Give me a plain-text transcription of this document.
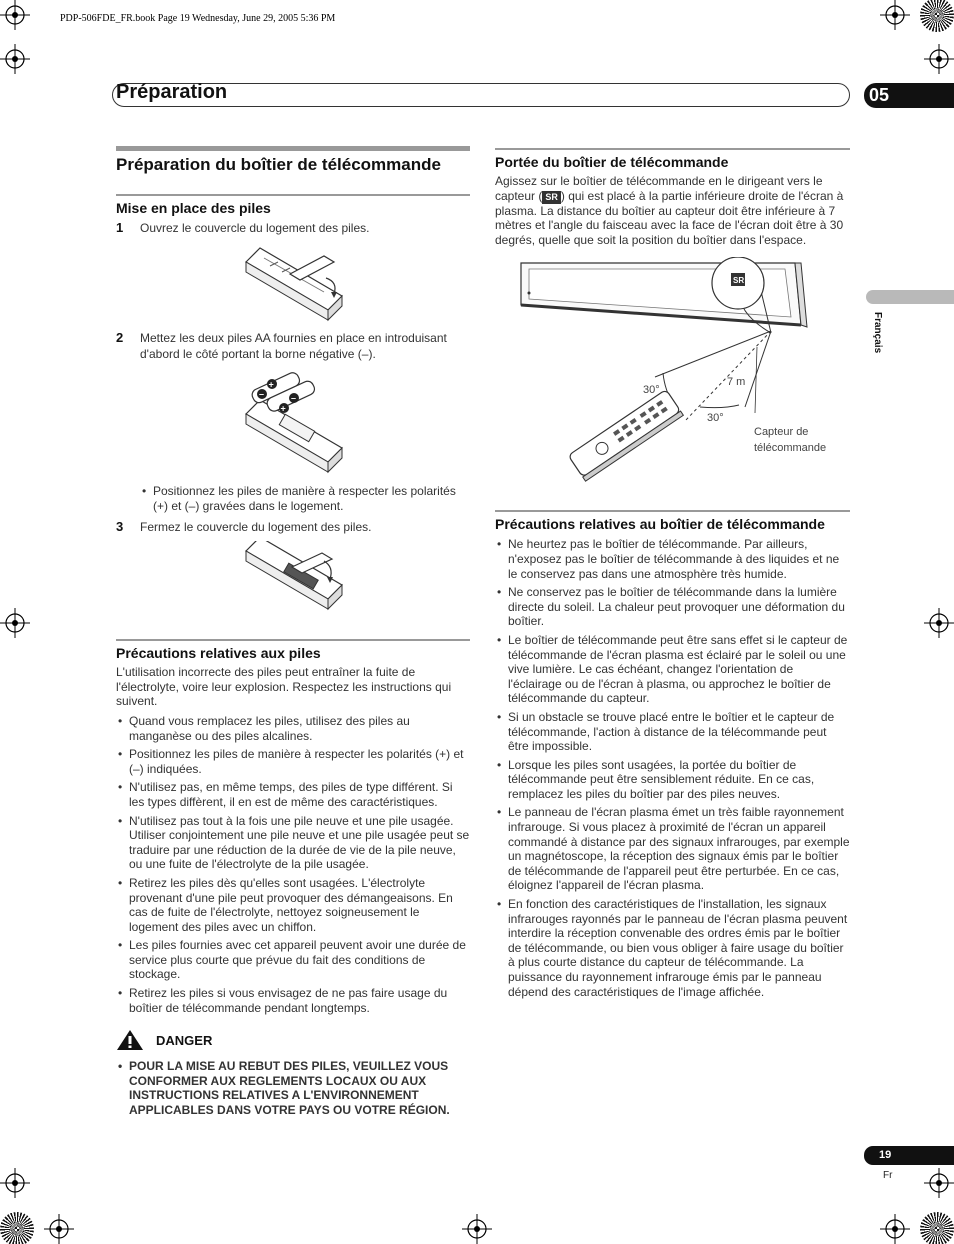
PDP-506FDE_FR.book Page 19 Wednesday, June 29, 2005 5:36 PM
Préparation	05
Français
Préparation du boîtier de télécommande
Mise en place des piles
1	Ouvrez le couvercle du logement des piles.
2	Mettez les deux piles AA fournies en place en introduisant d'abord le côté portant la borne négative (–).
–
+
+
–
• Positionnez les piles de manière à respecter les polarités (+) et (–) gravées dans le logement.
3	Fermez le couvercle du logement des piles.
Précautions relatives aux piles
L'utilisation incorrecte des piles peut entraîner la fuite de l'électrolyte, voire leur explosion. Respectez les instructions qui suivent.
• Quand vous remplacez les piles, utilisez des piles au manganèse ou des piles alcalines.
• Positionnez les piles de manière à respecter les polarités (+) et (–) indiquées.
• N'utilisez pas, en même temps, des piles de type différent. Si les types diffèrent, il en est de même des caractéristiques.
• N'utilisez pas tout à la fois une pile neuve et une pile usagée. Utiliser conjointement une pile neuve et une pile usagée peut se traduire par une réduction de la durée de vie de la pile neuve, ou une fuite de l'électrolyte de la pile usagée.
• Retirez les piles dès qu'elles sont usagées. L'électrolyte provenant d'une pile peut provoquer des démangeaisons. En cas de fuite de l'électrolyte, nettoyez soigneusement le logement des piles avec un chiffon.
• Les piles fournies avec cet appareil peuvent avoir une durée de service plus courte que prévue du fait des conditions de stockage.
• Retirez les piles si vous envisagez de ne pas faire usage du boîtier de télécommande pendant longtemps.
DANGER
• POUR LA MISE AU REBUT DES PILES, VEUILLEZ VOUS CONFORMER AUX REGLEMENTS LOCAUX OU AUX INSTRUCTIONS RELATIVES A L'ENVIRONNEMENT APPLICABLES DANS VOTRE PAYS OU VOTRE RÉGION.
Portée du boîtier de télécommande
Agissez sur le boîtier de télécommande en le dirigeant vers le capteur ( SR ) qui est placé à la partie inférieure droite de l'écran à plasma. La distance du boîtier au capteur doit être inférieure à 7 mètres et l'angle du faisceau avec la face de l'écran doit être à 30 degrés, quelle que soit la position du boîtier dans l'espace.
SR
30°
7 m
30°
Capteur de
télécommande
Précautions relatives au boîtier de télécommande
• Ne heurtez pas le boîtier de télécommande. Par ailleurs, n'exposez pas le boîtier de télécommande à des liquides et ne le conservez pas dans une atmosphère très humide.
• Ne conservez pas le boîtier de télécommande dans la lumière directe du soleil. La chaleur peut provoquer une déformation du boîtier.
• Le boîtier de télécommande peut être sans effet si le capteur de télécommande de l'écran plasma est éclairé par le soleil ou une vive lumière. Le cas échéant, changez l'orientation de l'éclairage ou de l'écran à plasma, ou approchez le boîtier de télécommande du capteur.
• Si un obstacle se trouve placé entre le boîtier et le capteur de télécommande, l'action à distance de la télécommande peut être impossible.
• Lorsque les piles sont usagées, la portée du boîtier de télécommande peut être sensiblement réduite. En ce cas, remplacez les piles du boîtier par des piles neuves.
• Le panneau de l'écran plasma émet un très faible rayonnement infrarouge. Si vous placez à proximité de l'écran un appareil commandé à distance par des signaux infrarouges, par exemple un magnétoscope, la réception des signaux émis par le boîtier de télécommande de l'appareil peut être perturbée. En ce cas, éloignez l'appareil de l'écran plasma.
• En fonction des caractéristiques de l'installation, les signaux infrarouges rayonnés par le panneau de l'écran plasma peuvent interdire la réception convenable des ordres émis par le boîtier de télécommande, ou bien vous obliger à faire usage du boîtier à plus courte distance du capteur de télécommande. La puissance du rayonnement infrarouge émis par le panneau dépend des caractéristiques de l'image affichée.
19
Fr
